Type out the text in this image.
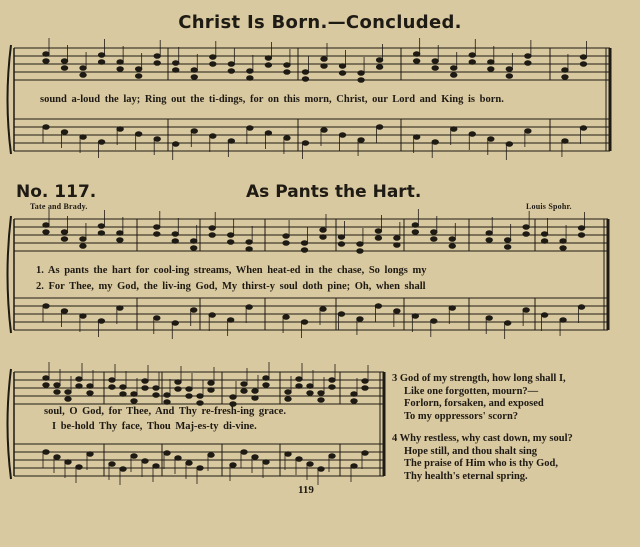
Christ Is Born.—Concluded.
sound a-loud the lay; Ring out the ti-dings, for on this morn, Christ, our Lord and King is born.
No. 117.	As Pants the Hart.
Tate and Brady.	Louis Spohr.
1. As pants the hart for cool-ing streams, When heat-ed in the chase, So longs my
2. For Thee, my God, the liv-ing God, My thirst-y soul doth pine; Oh, when shall
soul, O God, for Thee, And Thy re-fresh-ing grace.
I be-hold Thy face, Thou Maj-es-ty di-vine.
3 God of my strength, how long shall I,
Like one forgotten, mourn?—
Forlorn, forsaken, and exposed
To my oppressors' scorn?
4 Why restless, why cast down, my soul?
Hope still, and thou shalt sing
The praise of Him who is thy God,
Thy health's eternal spring.
119
